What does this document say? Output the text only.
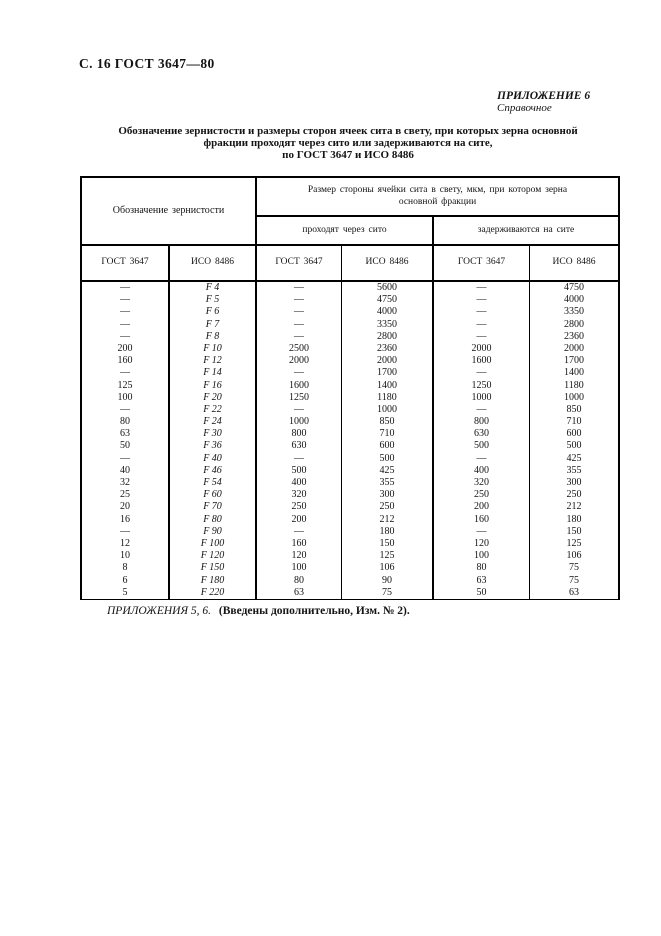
С. 16 ГОСТ 3647—80
ПРИЛОЖЕНИЕ 6
Справочное
Обозначение зернистости и размеры сторон ячеек сита в свету, при которых зерна основной
фракции проходят через сито или задерживаются на сите,
по ГОСТ 3647 и ИСО 8486
Обозначение зернистости
Размер стороны ячейки сита в свету, мкм, при котором зерна основной фракции
проходят через сито	задерживаются на сите
ГОСТ 3647	ИСО 8486	ГОСТ 3647	ИСО 8486	ГОСТ 3647	ИСО 8486
—	F 4	—	5600	—	4750
—	F 5	—	4750	—	4000
—	F 6	—	4000	—	3350
—	F 7	—	3350	—	2800
—	F 8	—	2800	—	2360
200	F 10	2500	2360	2000	2000
160	F 12	2000	2000	1600	1700
—	F 14	—	1700	—	1400
125	F 16	1600	1400	1250	1180
100	F 20	1250	1180	1000	1000
—	F 22	—	1000	—	850
80	F 24	1000	850	800	710
63	F 30	800	710	630	600
50	F 36	630	600	500	500
—	F 40	—	500	—	425
40	F 46	500	425	400	355
32	F 54	400	355	320	300
25	F 60	320	300	250	250
20	F 70	250	250	200	212
16	F 80	200	212	160	180
—	F 90	—	180	—	150
12	F 100	160	150	120	125
10	F 120	120	125	100	106
8	F 150	100	106	80	75
6	F 180	80	90	63	75
5	F 220	63	75	50	63
ПРИЛОЖЕНИЯ 5, 6. (Введены дополнительно, Изм. № 2).
